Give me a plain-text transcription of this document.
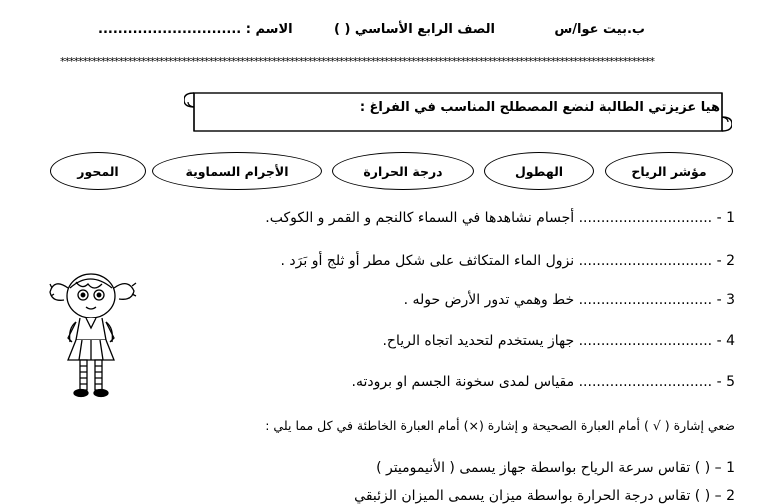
ب.بيت عوا/س
الصف الرابع الأساسي ( )
الاسم : .............................
************************************************************************************************************************************
هيا عزيزتي الطالبة لنضع المصطلح المناسب في الفراغ :
مؤشر الرياح
الهطول
درجة الحرارة
الأجرام السماوية
المحور
1 - .............................. أجسام نشاهدها في السماء كالنجم و القمر و الكوكب.
2 - .............................. نزول الماء المتكاثف على شكل مطر أو ثلج أو بَرَد .
3 - .............................. خط وهمي تدور الأرض حوله .
4 - .............................. جهاز يستخدم لتحديد اتجاه الرياح.
5 - .............................. مقياس لمدى سخونة الجسم او برودته.
ضعي إشارة ( √ ) أمام العبارة الصحيحة و إشارة (×) أمام العبارة الخاطئة في كل مما يلي :
1 – ( ) تقاس سرعة الرياح بواسطة جهاز يسمى ( الأنيموميتر )
2 – ( ) تقاس درجة الحرارة بواسطة ميزان يسمى الميزان الزئبقي
